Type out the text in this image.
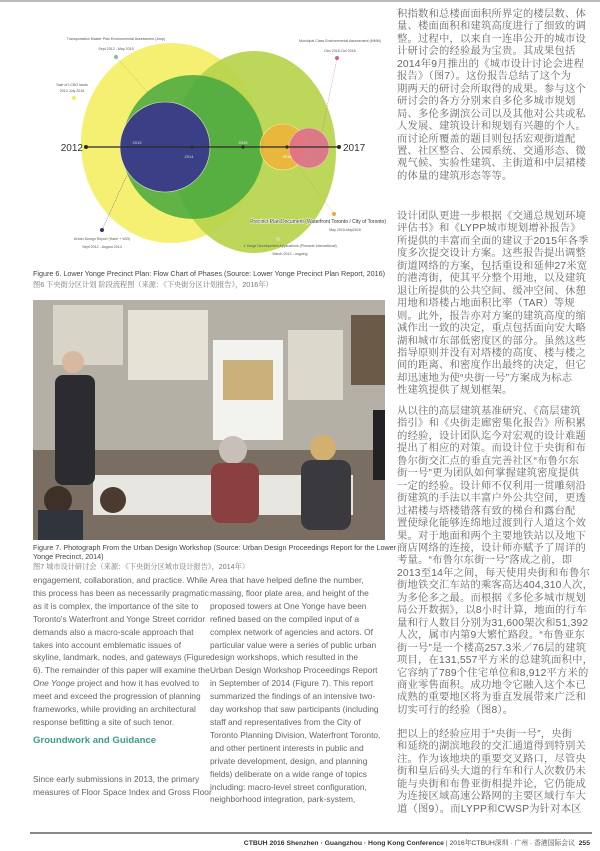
2012	2017
2013
2014
2015
2016
Transportation Master Plan Environmental Assessment (Arup)
Sept 2012 - May 2015
Municipal Class Environmental Assessment (MMM)
Dec 2015-Oct 2016
Sale of LCBO lands
2012-July 2016
Urban Design Report (Hariri + WZI)
Sept 2012 - August 2014
Precinct Plan Document (Waterfront Toronto / City of Toronto)
May 2015-May2016
1 Yonge Development Applications (Pinnacle International)
March 2013 - ongoing
Figure 6. Lower Yonge Precinct Plan: Flow Chart of Phases (Source: Lower Yonge Precinct Plan Report, 2016)
图6 下央街分区计划 阶段流程图（来源：《下央街分区计划报告》，2016年）
Figure 7. Photograph From the Urban Design Workshop (Source: Urban Design Proceedings Report for the Lower
Yonge Precinct, 2014)
图7 城市设计研讨会（来源：《下央街分区城市设计报告》，2014年）
engagement, collaboration, and practice. While
this process has been as necessarily pragmatic
as it is complex, the importance of the site to
Toronto's Waterfront and Yonge Street corridor
demands also a macro-scale approach that
takes into account emblematic issues of
skyline, landmark, nodes, and gateways (Figure
6). The remainder of this paper will examine the
One Yonge project and how it has evolved to
meet and exceed the progression of planning
frameworks, while providing an architectural
response befitting a site of such tenor.
Groundwork and Guidance
Since early submissions in 2013, the primary
measures of Floor Space Index and Gross Floor
Area that have helped define the number,
massing, floor plate area, and height of the
proposed towers at One Yonge have been
refined based on the compiled input of a
complex network of agencies and actors. Of
particular value were a series of public urban
design workshops, which resulted in the
Urban Design Workshop Proceedings Report
in September of 2014 (Figure 7). This report
summarized the findings of an intensive two-
day workshop that saw participants (including
staff and representatives from the City of
Toronto Planning Division, Waterfront Toronto,
and other pertinent interests in public and
private development, design, and planning
fields) deliberate on a wide range of topics
including: macro-level street configuration,
neighborhood integration, park-system,
积指数和总楼面面积所界定的楼层数、体
量、楼面面积和建筑高度进行了细致的调
整。过程中，以来自一连串公开的城市设
计研讨会的经验最为宝贵。其成果包括
2014年9月推出的《城市设计讨论会进程
报告》（图7）。这份报告总结了这个为
期两天的研讨会所取得的成果。参与这个
研讨会的各方分别来自多伦多城市规划
局、多伦多湖滨公司以及其他对公共或私
人发展、建筑设计和规划有兴趣的个人。
而讨论所覆盖的题目则包括宏观街道配
置、社区整合、公园系统、交通形态、微
观气候、实验性建筑、主街道和中层裙楼
的体量的建筑形态等等。
设计团队更进一步根据《交通总规划环境
评估书》和《LYPP城市规划增补报告》
所提供的丰富而全面的建议于2015年各季
度多次提交设计方案。这些报告提出调整
街道网络的方案，包括重设和延伸27米宽
的港湾街，使其平分整个用地，以及建筑
退让所提供的公共空间、缓冲空间、休憩
用地和塔楼占地面积比率（TAR）等规
则。此外，报告亦对方案的建筑高度的缩
减作出一致的决定，重点包括面向安大略
湖和城市东部低密度区的部分。虽然这些
指导原则并没有对塔楼的高度、楼与楼之
间的距离、和密度作出最终的决定，但它
却迅速地为使“央街一号”方案成为标志
性建筑提供了规划框架。
从以往的高层建筑基准研究、《高层建筑
指引》和《央街走廊密集化报告》所积累
的经验，设计团队迄今对宏观的设计难题
提出了相应的对策。而设计位于央街和布
鲁尔街交汇点的垂直完善社区“布鲁尔东
街一号”更为团队如何掌握建筑密度提供
一定的经验。设计师不仅利用一贯雕刻沿
街建筑的手法以丰富户外公共空间，更透
过裙楼与塔楼错落有致的梯台和露台配
置使绿化能够连绵地过渡到行人道这个效
果。对于地面和两个主要地铁站以及地下
商店网络的连接，设计师亦赋予了周详的
考量。“布鲁尔东街一号”落成之前，即
2013至14年之间，每天使用央街和布鲁尔
街地铁交汇车站的乘客高达404,310人次，
为多伦多之最。而根据《多伦多城市规划
局公开数据》，以8小时计算，地面的行车
量和行人数目分别为31,600架次和51,392
人次，属市内第9大繁忙路段。“布鲁亚东
街一号”是一个楼高257.3米／76层的建筑
项目，在131,557平方米的总建筑面积中，
它容纳了789个住宅单位和8,912平方米的
商业零售面积。成功地令它融入这个本已
成熟的重要地区将为垂直发展带来广泛和
切实可行的经验（图8）。
把以上的经验应用于“央街一号”，央街
和延绕的湖滨地段的交汇通道得到特别关
注。作为该地块的重要交叉路口，尽管央
街和皇后码头大道的行车和行人次数仍未
能与央街和布鲁亚街相提并论，它仍能成
为连接区域高速公路网的主要区域行车大
道（图9）。而LYPP和CWSP为针对本区
CTBUH 2016 Shenzhen · Guangzhou · Hong Kong Conference | 2016年CTBUH深圳 · 广州 · 香港国际会议 255
